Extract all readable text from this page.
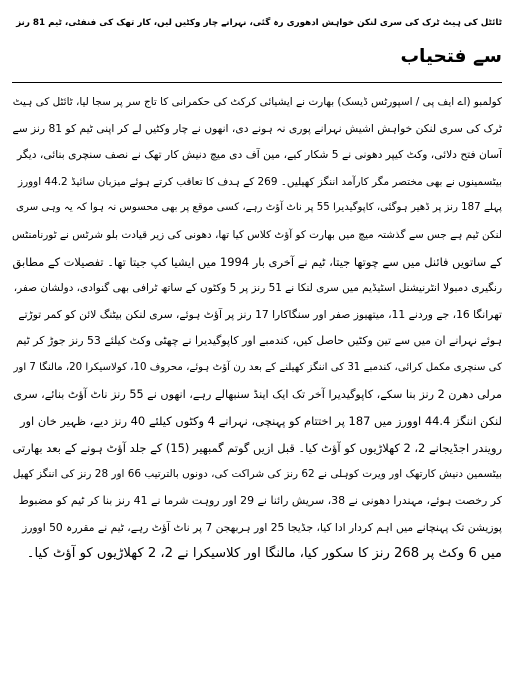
ٹائٹل کی ہیٹ ٹرک کی سری لنکن خواہش ادھوری رہ گئی، نہرانے چار وکٹیں لیں، کار تھک کی فنفٹی، ٹیم 81 رنز
سے فتحیاب
کولمبو (اے ایف پی / اسپورٹس ڈیسک) بھارت نے ایشیائی کرکٹ کی حکمرانی کا تاج سر پر سجا لیا، ٹائٹل کی ہیٹ
ٹرک کی سری لنکن خواہش اشیش نہرانے پوری نہ ہونے دی، انھوں نے چار وکٹیں لے کر اپنی ٹیم کو 81 رنز سے
آسان فتح دلائی، وکٹ کیپر دھونی نے 5 شکار کیے، مین آف دی میچ دنیش کار تھک نے نصف سنچری بنائی، دیگر
بیٹسمینوں نے بھی مختصر مگر کارآمد اننگز کھیلیں۔ 269 کے ہدف کا تعاقب کرتے ہوئے میزبان سائیڈ 44.2 اوورز
پہلے 187 رنز پر ڈھیر ہوگئی، کاپوگیدیرا 55 پر ناٹ آؤٹ رہے، کسی موقع پر بھی محسوس نہ ہوا کہ یہ وہی سری
لنکن ٹیم ہے جس سے گذشتہ میچ میں بھارت کو آؤٹ کلاس کیا تھا، دھونی کی زیر قیادت بلو شرٹس نے ٹورنامنٹس
کے ساتویں فائنل میں سے چوتھا جیتا، ٹیم نے آخری بار 1994 میں ایشیا کپ جیتا تھا۔ تفصیلات کے مطابق
رنگیری دمبولا انٹرنیشنل اسٹیڈیم میں سری لنکا نے 51 رنز پر 5 وکٹوں کے ساتھ ٹرافی بھی گنوادی، دولشان صفر،
تھرانگا 16، جے وردنے 11، میتھیوز صفر اور سنگاکارا 17 رنز پر آؤٹ ہوئے، سری لنکن بیٹنگ لائن کو کمر توڑتے
ہوئے نہرانے ان میں سے تین وکٹیں حاصل کیں، کندمبے اور کاپوگیدیرا نے چھٹی وکٹ کیلئے 53 رنز جوڑ کر ٹیم
کی سنچری مکمل کرائی، کندمبے 31 کی اننگز کھیلنے کے بعد رن آؤٹ ہوئے، محروف 10، کولاسیکرا 20، مالنگا 7 اور
مرلی دھرن 2 رنز بنا سکے، کاپوگیدیرا آخر تک ایک اینڈ سنبھالے رہے، انھوں نے 55 رنز ناٹ آؤٹ بنائے، سری
لنکن اننگز 44.4 اوورز میں 187 پر اختتام کو پہنچی، نہرانے 4 وکٹوں کیلئے 40 رنز دیے، ظہیر خان اور
رویندر اجڈیجانے 2، 2 کھلاڑیوں کو آؤٹ کیا۔ قبل ازیں گوتم گمبھیر (15) کے جلد آؤٹ ہونے کے بعد بھارتی
بیٹسمین دنیش کارتھک اور ویرت کوہلی نے 62 رنز کی شراکت کی، دونوں بالترتیب 66 اور 28 رنز کی اننگز کھیل
کر رخصت ہوئے، مہندرا دھونی نے 38، سریش رائنا نے 29 اور روہت شرما نے 41 رنز بنا کر ٹیم کو مضبوط
پوزیشن تک پہنچانے میں اہم کردار ادا کیا، جڈیجا 25 اور ہربھجن 7 پر ناٹ آؤٹ رہے، ٹیم نے مقررہ 50 اوورز
میں 6 وکٹ پر 268 رنز کا سکور کیا، مالنگا اور کلاسیکرا نے 2، 2 کھلاڑیوں کو آؤٹ کیا۔
